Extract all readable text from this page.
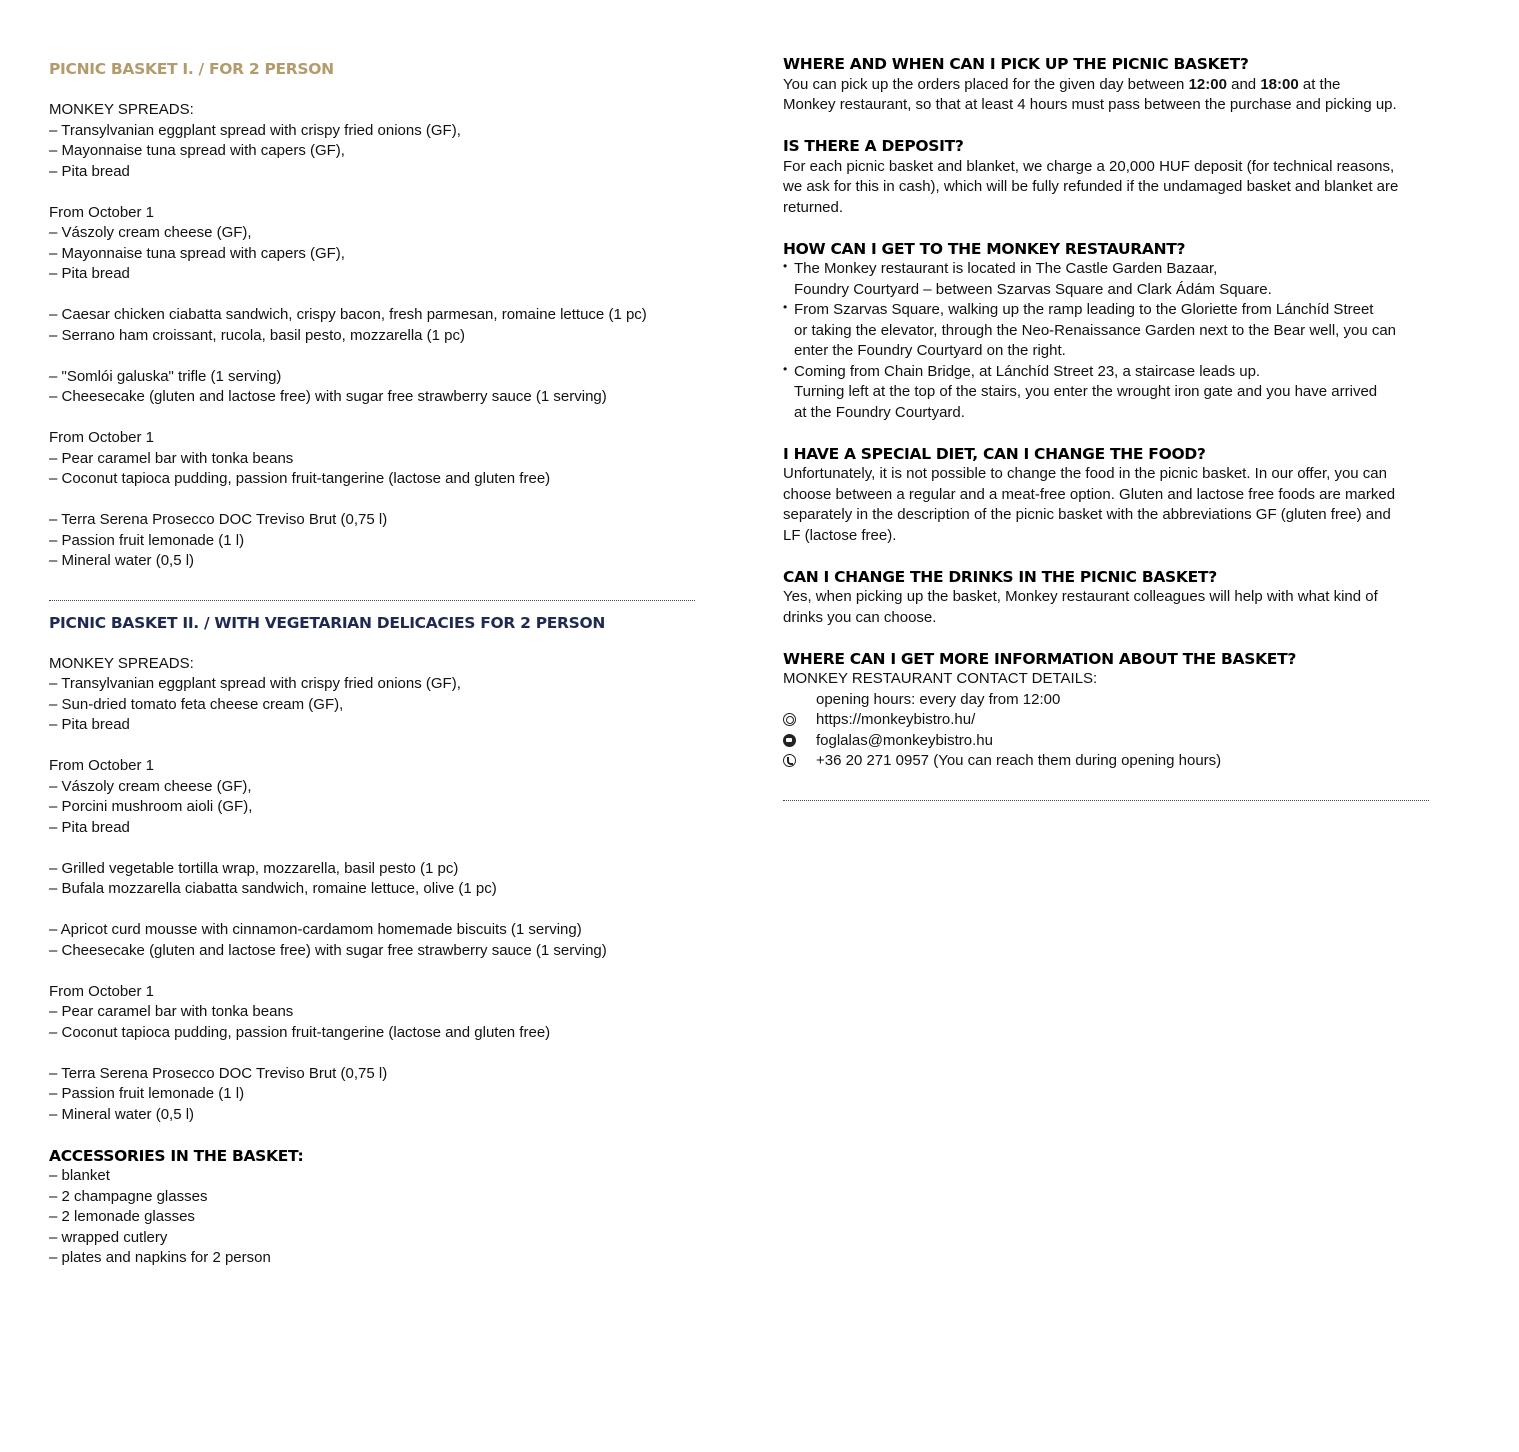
PICNIC BASKET I. / FOR 2 PERSON

MONKEY SPREADS:

– Transylvanian eggplant spread with crispy fried onions (GF),

– Mayonnaise tuna spread with capers (GF),

– Pita bread

From October 1

– Vászoly cream cheese (GF),

– Mayonnaise tuna spread with capers (GF),

– Pita bread

– Caesar chicken ciabatta sandwich, crispy bacon, fresh parmesan, romaine lettuce (1 pc)

– Serrano ham croissant, rucola, basil pesto, mozzarella (1 pc)

– "Somlói galuska" trifle (1 serving)

– Cheesecake (gluten and lactose free) with sugar free strawberry sauce (1 serving)

From October 1

– Pear caramel bar with tonka beans

– Coconut tapioca pudding, passion fruit-tangerine (lactose and gluten free)

– Terra Serena Prosecco DOC Treviso Brut (0,75 l)

– Passion fruit lemonade (1 l)

– Mineral water (0,5 l)

PICNIC BASKET II. / WITH VEGETARIAN DELICACIES FOR 2 PERSON

MONKEY SPREADS:

– Transylvanian eggplant spread with crispy fried onions (GF),

– Sun-dried tomato feta cheese cream (GF),

– Pita bread

From October 1

– Vászoly cream cheese (GF),

– Porcini mushroom aioli (GF),

– Pita bread

– Grilled vegetable tortilla wrap, mozzarella, basil pesto (1 pc)

– Bufala mozzarella ciabatta sandwich, romaine lettuce, olive (1 pc)

– Apricot curd mousse with cinnamon-cardamom homemade biscuits (1 serving)

– Cheesecake (gluten and lactose free) with sugar free strawberry sauce (1 serving)

From October 1

– Pear caramel bar with tonka beans

– Coconut tapioca pudding, passion fruit-tangerine (lactose and gluten free)

– Terra Serena Prosecco DOC Treviso Brut (0,75 l)

– Passion fruit lemonade (1 l)

– Mineral water (0,5 l)

ACCESSORIES IN THE BASKET:

– blanket

– 2 champagne glasses

– 2 lemonade glasses

– wrapped cutlery

– plates and napkins for 2 person

WHERE AND WHEN CAN I PICK UP THE PICNIC BASKET?

You can pick up the orders placed for the given day between 12:00 and 18:00 at the

Monkey restaurant, so that at least 4 hours must pass between the purchase and picking up.

IS THERE A DEPOSIT?

For each picnic basket and blanket, we charge a 20,000 HUF deposit (for technical reasons,

we ask for this in cash), which will be fully refunded if the undamaged basket and blanket are

returned.

HOW CAN I GET TO THE MONKEY RESTAURANT?

• The Monkey restaurant is located in The Castle Garden Bazaar,

Foundry Courtyard – between Szarvas Square and Clark Ádám Square.

• From Szarvas Square, walking up the ramp leading to the Gloriette from Lánchíd Street

or taking the elevator, through the Neo-Renaissance Garden next to the Bear well, you can

enter the Foundry Courtyard on the right.

• Coming from Chain Bridge, at Lánchíd Street 23, a staircase leads up.

Turning left at the top of the stairs, you enter the wrought iron gate and you have arrived

at the Foundry Courtyard.

I HAVE A SPECIAL DIET, CAN I CHANGE THE FOOD?

Unfortunately, it is not possible to change the food in the picnic basket. In our offer, you can

choose between a regular and a meat-free option. Gluten and lactose free foods are marked

separately in the description of the picnic basket with the abbreviations GF (gluten free) and

LF (lactose free).

CAN I CHANGE THE DRINKS IN THE PICNIC BASKET?

Yes, when picking up the basket, Monkey restaurant colleagues will help with what kind of

drinks you can choose.

WHERE CAN I GET MORE INFORMATION ABOUT THE BASKET?

MONKEY RESTAURANT CONTACT DETAILS:

opening hours: every day from 12:00

https://monkeybistro.hu/
foglalas@monkeybistro.hu
+36 20 271 0957 (You can reach them during opening hours)
